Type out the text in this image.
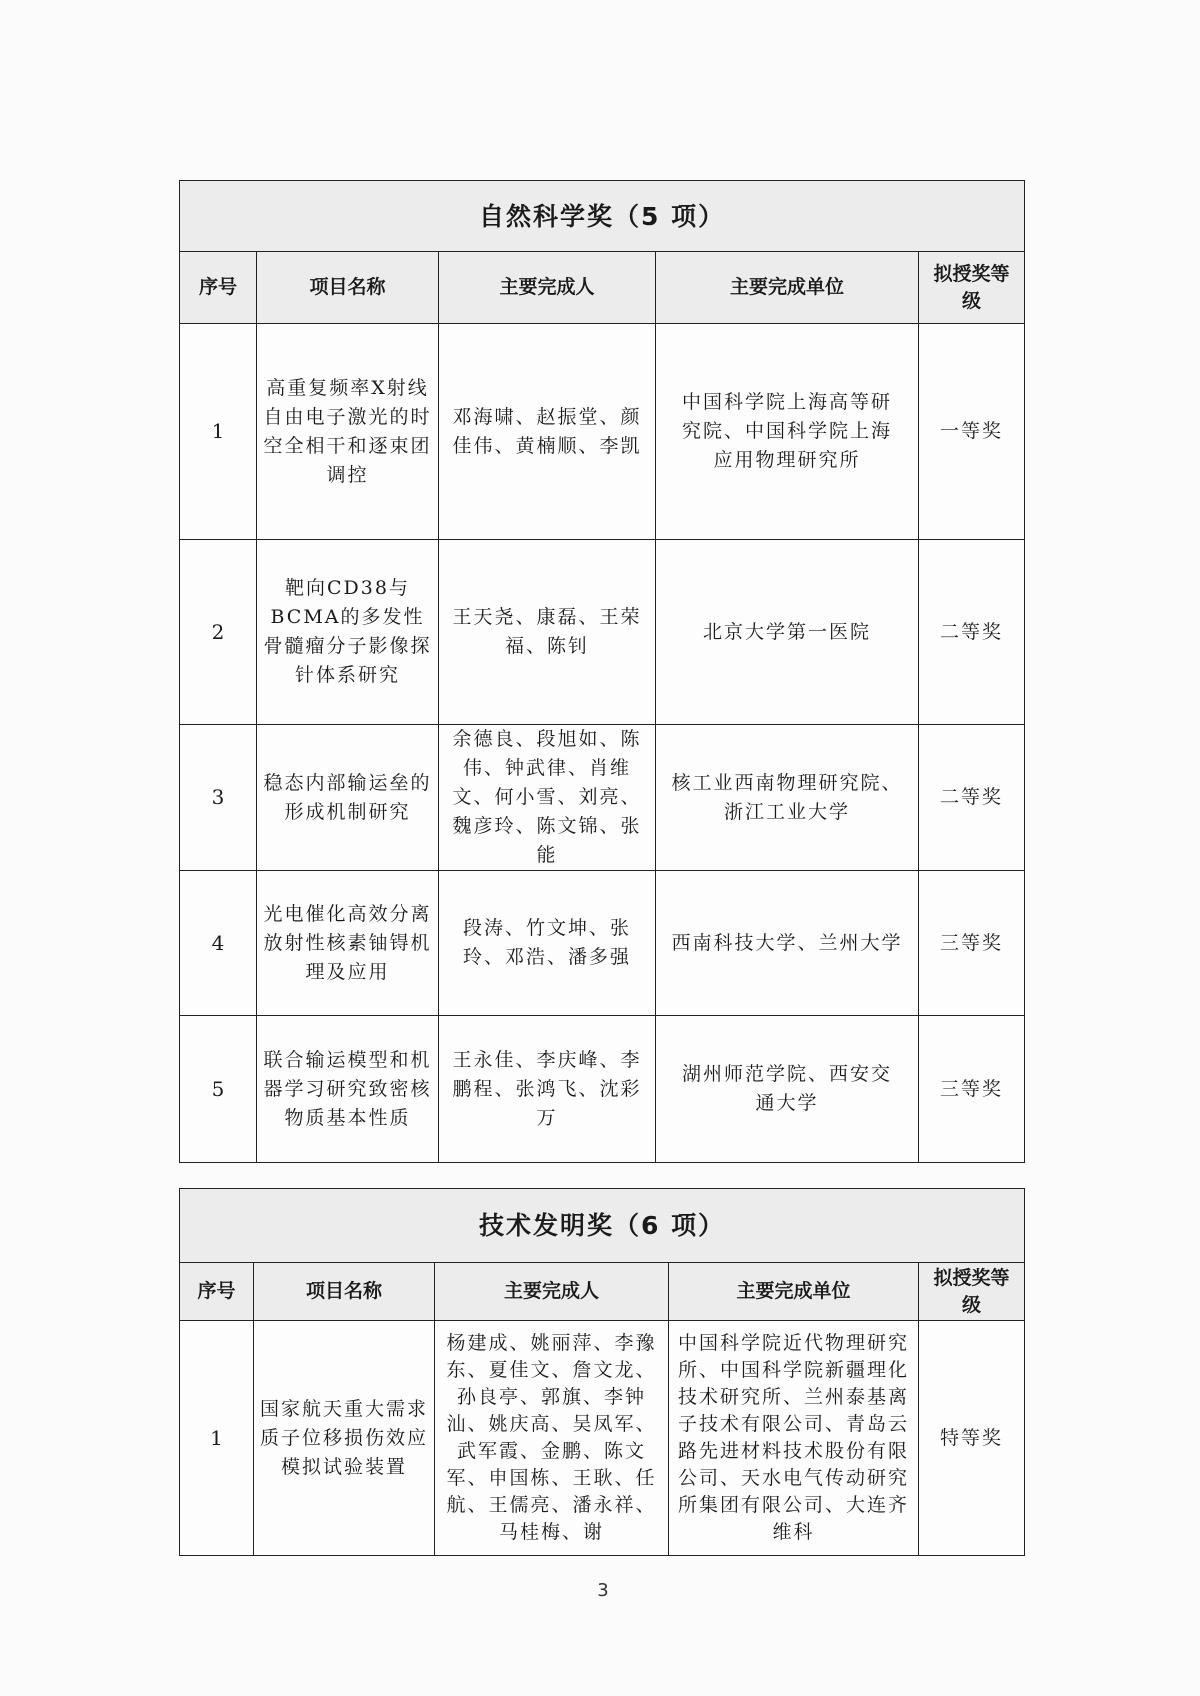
自然科学奖（5 项）				
序号	项目名称	主要完成人	主要完成单位	拟授奖等级
1	高重复频率X射线自由电子激光的时空全相干和逐束团调控	邓海啸、赵振堂、颜佳伟、黄楠顺、李凯	中国科学院上海高等研究院、中国科学院上海应用物理研究所	一等奖
2	靶向CD38与BCMA的多发性骨髓瘤分子影像探针体系研究	王天尧、康磊、王荣福、陈钊	北京大学第一医院	二等奖
3	稳态内部输运垒的形成机制研究	余德良、段旭如、陈伟、钟武律、肖维文、何小雪、刘亮、魏彦玲、陈文锦、张能	核工业西南物理研究院、浙江工业大学	二等奖
4	光电催化高效分离放射性核素铀锝机理及应用	段涛、竹文坤、张玲、邓浩、潘多强	西南科技大学、兰州大学	三等奖
5	联合输运模型和机器学习研究致密核物质基本性质	王永佳、李庆峰、李鹏程、张鸿飞、沈彩万	湖州师范学院、西安交通大学	三等奖
技术发明奖（6 项）				
序号	项目名称	主要完成人	主要完成单位	拟授奖等级
1	国家航天重大需求质子位移损伤效应模拟试验装置	杨建成、姚丽萍、李豫东、夏佳文、詹文龙、孙良亭、郭旗、李钟汕、姚庆高、吴凤军、武军霞、金鹏、陈文军、申国栋、王耿、任航、王儒亮、潘永祥、马桂梅、谢	中国科学院近代物理研究所、中国科学院新疆理化技术研究所、兰州泰基离子技术有限公司、青岛云路先进材料技术股份有限公司、天水电气传动研究所集团有限公司、大连齐维科	特等奖
3
